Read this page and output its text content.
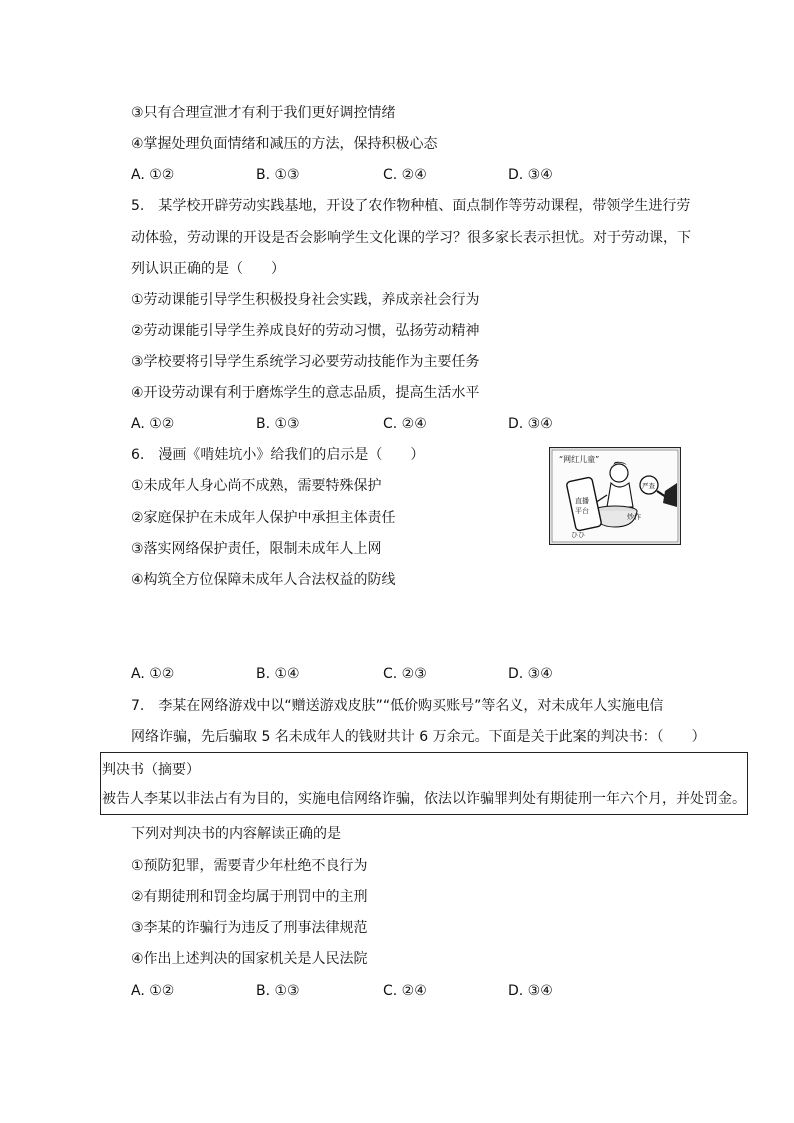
③只有合理宣泄才有利于我们更好调控情绪

④掌握处理负面情绪和减压的方法，保持积极心态

A. ①②	B. ①③	C. ②④	D. ③④

5.　某学校开辟劳动实践基地，开设了农作物种植、面点制作等劳动课程，带领学生进行劳

动体验，劳动课的开设是否会影响学生文化课的学习？很多家长表示担忧。对于劳动课，下

列认识正确的是（　　）

①劳动课能引导学生积极投身社会实践，养成亲社会行为

②劳动课能引导学生养成良好的劳动习惯，弘扬劳动精神

③学校要将引导学生系统学习必要劳动技能作为主要任务

④开设劳动课有利于磨炼学生的意志品质，提高生活水平

A. ①②	B. ①③	C. ②④	D. ③④

6.　漫画《啃娃坑小》给我们的启示是（　　）

①未成年人身心尚不成熟，需要特殊保护

②家庭保护在未成年人保护中承担主体责任

③落实网络保护责任，限制未成年人上网

④构筑全方位保障未成年人合法权益的防线

“网红儿童”
直播
平台
ひひ
严查
炒作
A. ①②	B. ①④	C. ②③	D. ③④

7.　李某在网络游戏中以“赠送游戏皮肤”“低价购买账号”等名义，对未成年人实施电信

网络诈骗，先后骗取 5 名未成年人的钱财共计 6 万余元。下面是关于此案的判决书：（　　）

判决书（摘要）

被告人李某以非法占有为目的，实施电信网络诈骗，依法以诈骗罪判处有期徒刑一年六个月，并处罚金。

下列对判决书的内容解读正确的是

①预防犯罪，需要青少年杜绝不良行为

②有期徒刑和罚金均属于刑罚中的主刑

③李某的诈骗行为违反了刑事法律规范

④作出上述判决的国家机关是人民法院

A. ①②	B. ①③	C. ②④	D. ③④
